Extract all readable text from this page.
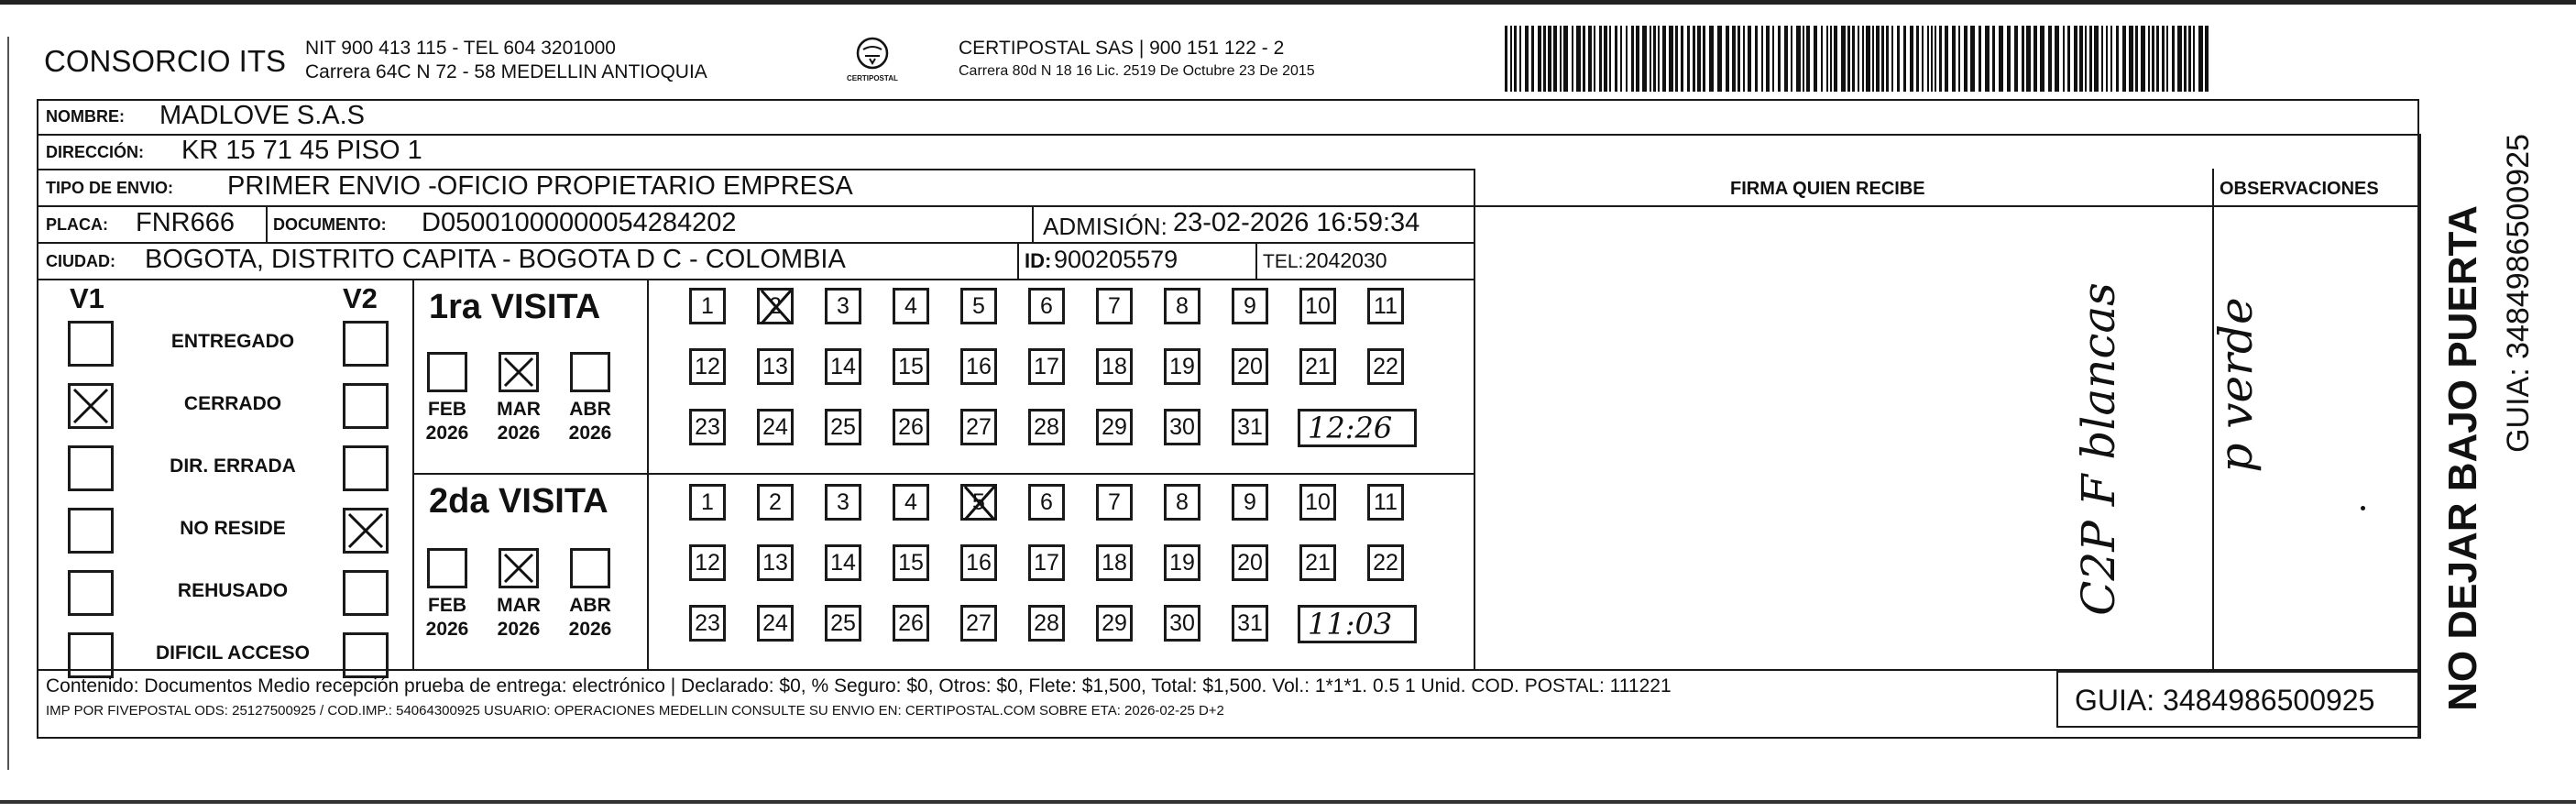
CONSORCIO ITS NIT 900 413 115 - TEL 604 3201000
Carrera 64C N 72 - 58 MEDELLIN ANTIOQUIA	CERTIPOSTAL
CERTIPOSTAL SAS | 900 151 122 - 2
Carrera 80d N 18 16 Lic. 2519 De Octubre 23 De 2015
NOMBRE: MADLOVE S.A.S
DIRECCIÓN: KR 15 71 45 PISO 1
TIPO DE ENVIO: PRIMER ENVIO -OFICIO PROPIETARIO EMPRESA
PLACA: FNR666 DOCUMENTO: D05001000000054284202	ADMISIÓN: 23-02-2026 16:59:34
CIUDAD: BOGOTA, DISTRITO CAPITA - BOGOTA D C - COLOMBIA	ID: 900205579	TEL: 2042030
FIRMA QUIEN RECIBE	OBSERVACIONES
V1	V2
ENTREGADO
CERRADO
DIR. ERRADA
NO RESIDE
REHUSADO
DIFICIL ACCESO
1ra VISITA
2da VISITA
FEB
2026
MAR
2026
ABR
2026
1	2	3	4	5	6	7	8	9	10 11
12 13 14 15 16 17 18 19 20 21 22
23 24 25 26 27 28 29 30 31 12:26
FEB
2026
MAR
2026
ABR
2026
1	2	3	4	5	6	7	8	9	10 11
12 13 14 15 16 17 18 19 20 21 22
23 24 25 26 27 28 29 30 31 11:03
C2P F blancas p verde	NO DEJAR BAJO PUERTA GUIA: 3484986500925
Contenido: Documentos Medio recepción prueba de entrega: electrónico | Declarado: $0, % Seguro: $0, Otros: $0, Flete: $1,500, Total: $1,500. Vol.: 1*1*1. 0.5 1 Unid. COD. POSTAL: 111221
IMP POR FIVEPOSTAL ODS: 25127500925 / COD.IMP.: 54064300925 USUARIO: OPERACIONES MEDELLIN CONSULTE SU ENVIO EN: CERTIPOSTAL.COM SOBRE ETA: 2026-02-25 D+2	GUIA: 3484986500925
